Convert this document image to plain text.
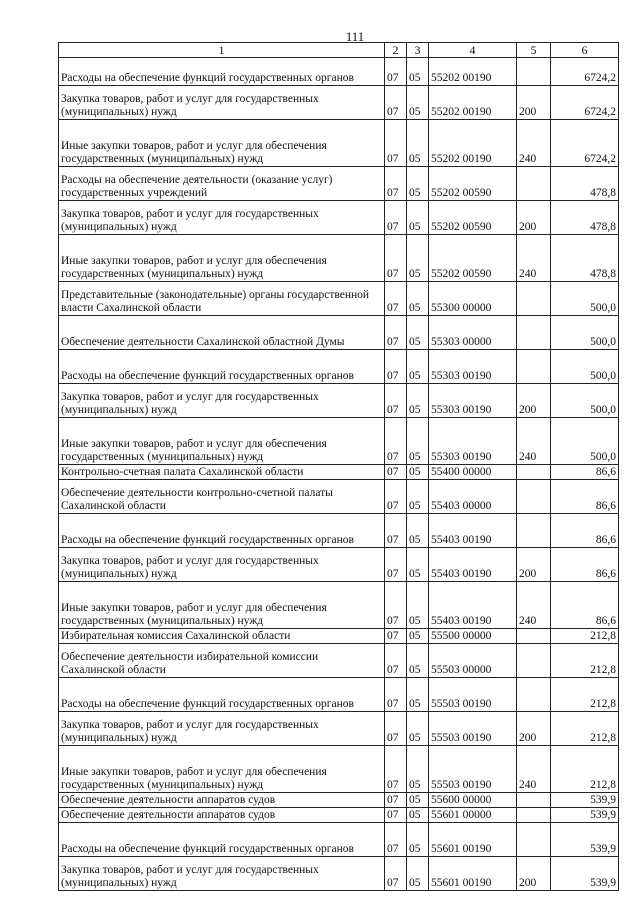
111
1	2	3	4	5	6
Расходы на обеспечение функций государственных органов	07	05	55202 00190		6724,2
Закупка товаров, работ и услуг для государственных (муниципальных) нужд	07	05	55202 00190	200	6724,2
Иные закупки товаров, работ и услуг для обеспечения государственных (муниципальных) нужд	07	05	55202 00190	240	6724,2
Расходы на обеспечение деятельности (оказание услуг) государственных учреждений	07	05	55202 00590		478,8
Закупка товаров, работ и услуг для государственных (муниципальных) нужд	07	05	55202 00590	200	478,8
Иные закупки товаров, работ и услуг для обеспечения государственных (муниципальных) нужд	07	05	55202 00590	240	478,8
Представительные (законодательные) органы государственной власти Сахалинской области	07	05	55300 00000		500,0
Обеспечение деятельности Сахалинской областной Думы	07	05	55303 00000		500,0
Расходы на обеспечение функций государственных органов	07	05	55303 00190		500,0
Закупка товаров, работ и услуг для государственных (муниципальных) нужд	07	05	55303 00190	200	500,0
Иные закупки товаров, работ и услуг для обеспечения государственных (муниципальных) нужд	07	05	55303 00190	240	500,0
Контрольно-счетная палата Сахалинской области	07	05	55400 00000		86,6
Обеспечение деятельности контрольно-счетной палаты Сахалинской области	07	05	55403 00000		86,6
Расходы на обеспечение функций государственных органов	07	05	55403 00190		86,6
Закупка товаров, работ и услуг для государственных (муниципальных) нужд	07	05	55403 00190	200	86,6
Иные закупки товаров, работ и услуг для обеспечения государственных (муниципальных) нужд	07	05	55403 00190	240	86,6
Избирательная комиссия Сахалинской области	07	05	55500 00000		212,8
Обеспечение деятельности избирательной комиссии Сахалинской области	07	05	55503 00000		212,8
Расходы на обеспечение функций государственных органов	07	05	55503 00190		212,8
Закупка товаров, работ и услуг для государственных (муниципальных) нужд	07	05	55503 00190	200	212,8
Иные закупки товаров, работ и услуг для обеспечения государственных (муниципальных) нужд	07	05	55503 00190	240	212,8
Обеспечение деятельности аппаратов судов	07	05	55600 00000		539,9
Обеспечение деятельности аппаратов судов	07	05	55601 00000		539,9
Расходы на обеспечение функций государственных органов	07	05	55601 00190		539,9
Закупка товаров, работ и услуг для государственных (муниципальных) нужд	07	05	55601 00190	200	539,9
